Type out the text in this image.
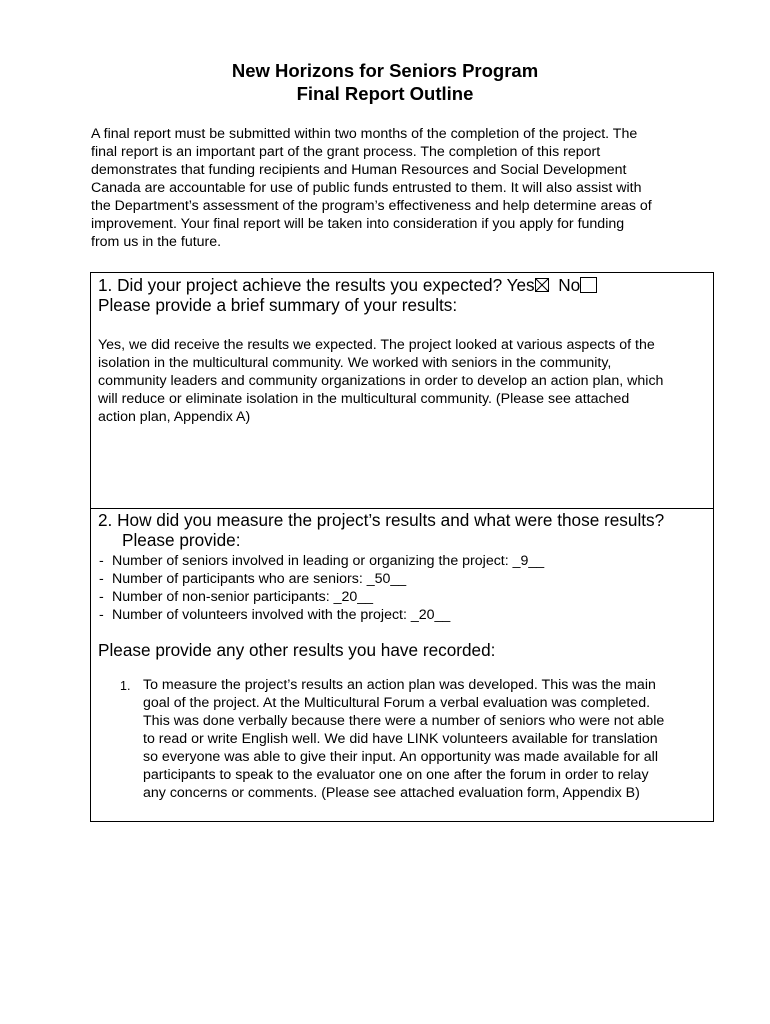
New Horizons for Seniors Program
Final Report Outline
A final report must be submitted within two months of the completion of the project. The
final report is an important part of the grant process. The completion of this report
demonstrates that funding recipients and Human Resources and Social Development
Canada are accountable for use of public funds entrusted to them. It will also assist with
the Department’s assessment of the program’s effectiveness and help determine areas of
improvement. Your final report will be taken into consideration if you apply for funding
from us in the future.
1. Did your project achieve the results you expected? Yes No
Please provide a brief summary of your results:
Yes, we did receive the results we expected. The project looked at various aspects of the
isolation in the multicultural community. We worked with seniors in the community,
community leaders and community organizations in order to develop an action plan, which
will reduce or eliminate isolation in the multicultural community. (Please see attached
action plan, Appendix A)
2. How did you measure the project’s results and what were those results?
Please provide:
- Number of seniors involved in leading or organizing the project: _9__
- Number of participants who are seniors: _50__
- Number of non-senior participants: _20__
- Number of volunteers involved with the project: _20__
Please provide any other results you have recorded:
1. To measure the project’s results an action plan was developed. This was the main
goal of the project. At the Multicultural Forum a verbal evaluation was completed.
This was done verbally because there were a number of seniors who were not able
to read or write English well. We did have LINK volunteers available for translation
so everyone was able to give their input. An opportunity was made available for all
participants to speak to the evaluator one on one after the forum in order to relay
any concerns or comments. (Please see attached evaluation form, Appendix B)
